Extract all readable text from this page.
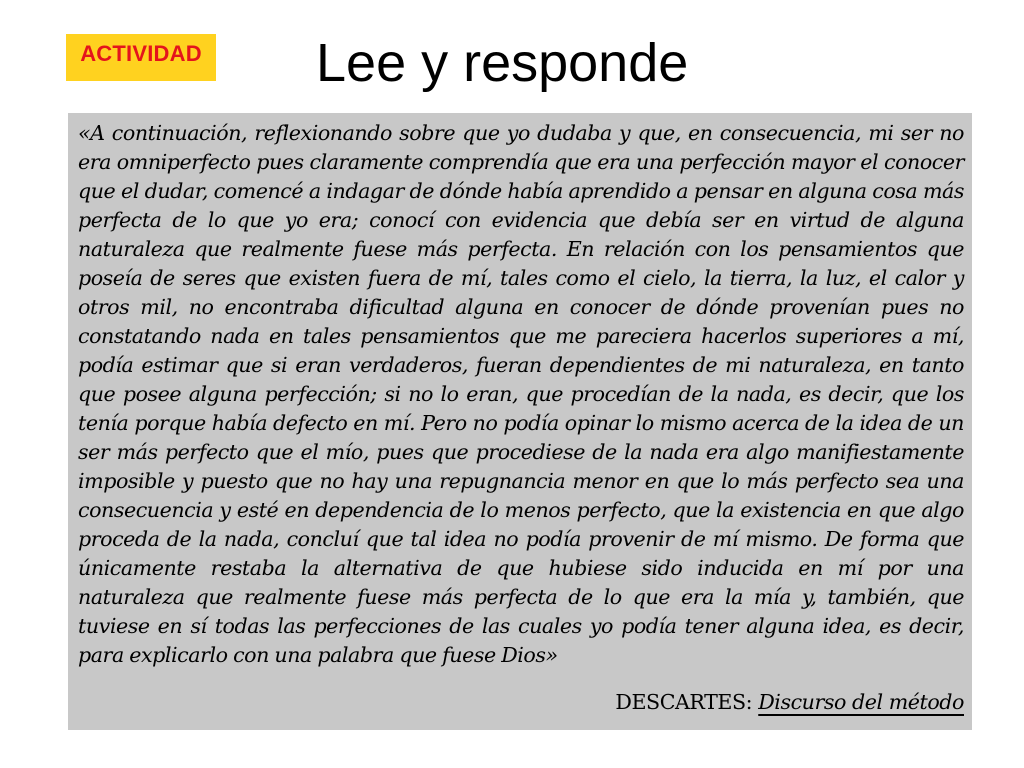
ACTIVIDAD Lee y responde

«A continuación, reflexionando sobre que yo dudaba y que, en consecuencia, mi ser no era omniperfecto pues claramente comprendía que era una perfección mayor el conocer que el dudar, comencé a indagar de dónde había aprendido a pensar en alguna cosa más perfecta de lo que yo era; conocí con evidencia que debía ser en virtud de alguna naturaleza que realmente fuese más perfecta. En relación con los pensamientos que poseía de seres que existen fuera de mí, tales como el cielo, la tierra, la luz, el calor y otros mil, no encontraba dificultad alguna en conocer de dónde provenían pues no constatando nada en tales pensamientos que me pareciera hacerlos superiores a mí, podía estimar que si eran verdaderos, fueran dependientes de mi naturaleza, en tanto que posee alguna perfección; si no lo eran, que procedían de la nada, es decir, que los tenía porque había defecto en mí. Pero no podía opinar lo mismo acerca de la idea de un ser más perfecto que el mío, pues que procediese de la nada era algo manifiestamente imposible y puesto que no hay una repugnancia menor en que lo más perfecto sea una consecuencia y esté en dependencia de lo menos perfecto, que la existencia en que algo proceda de la nada, concluí que tal idea no podía provenir de mí mismo. De forma que únicamente restaba la alternativa de que hubiese sido inducida en mí por una naturaleza que realmente fuese más perfecta de lo que era la mía y, también, que tuviese en sí todas las perfecciones de las cuales yo podía tener alguna idea, es decir, para explicarlo con una palabra que fuese Dios»

DESCARTES: Discurso del método
